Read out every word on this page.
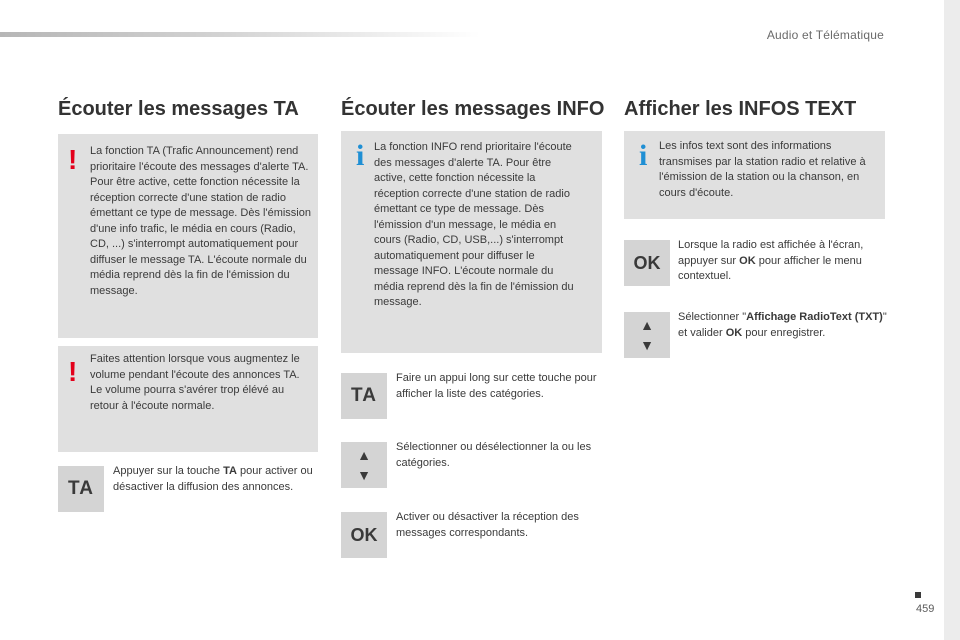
Audio et Télématique
Écouter les messages TA
! La fonction TA (Trafic Announcement) rend prioritaire l'écoute des messages d'alerte TA. Pour être active, cette fonction nécessite la réception correcte d'une station de radio émettant ce type de message. Dès l'émission d'une info trafic, le média en cours (Radio, CD, ...) s'interrompt automatiquement pour diffuser le message TA. L'écoute normale du média reprend dès la fin de l'émission du message.
! Faites attention lorsque vous augmentez le volume pendant l'écoute des annonces TA. Le volume pourra s'avérer trop élévé au retour à l'écoute normale.
TA
Appuyer sur la touche TA pour activer ou désactiver la diffusion des annonces.
Écouter les messages INFO
i La fonction INFO rend prioritaire l'écoute des messages d'alerte TA. Pour être active, cette fonction nécessite la réception correcte d'une station de radio émettant ce type de message. Dès l'émission d'un message, le média en cours (Radio, CD, USB,...) s'interrompt automatiquement pour diffuser le message INFO. L'écoute normale du média reprend dès la fin de l'émission du message.
TA
Faire un appui long sur cette touche pour afficher la liste des catégories.
▲
▼
Sélectionner ou désélectionner la ou les catégories.
OK
Activer ou désactiver la réception des messages correspondants.
Afficher les INFOS TEXT
i Les infos text sont des informations transmises par la station radio et relative à l'émission de la station ou la chanson, en cours d'écoute.
OK
Lorsque la radio est affichée à l'écran, appuyer sur OK pour afficher le menu contextuel.
▲
▼
Sélectionner "Affichage RadioText (TXT)" et valider OK pour enregistrer.
459
